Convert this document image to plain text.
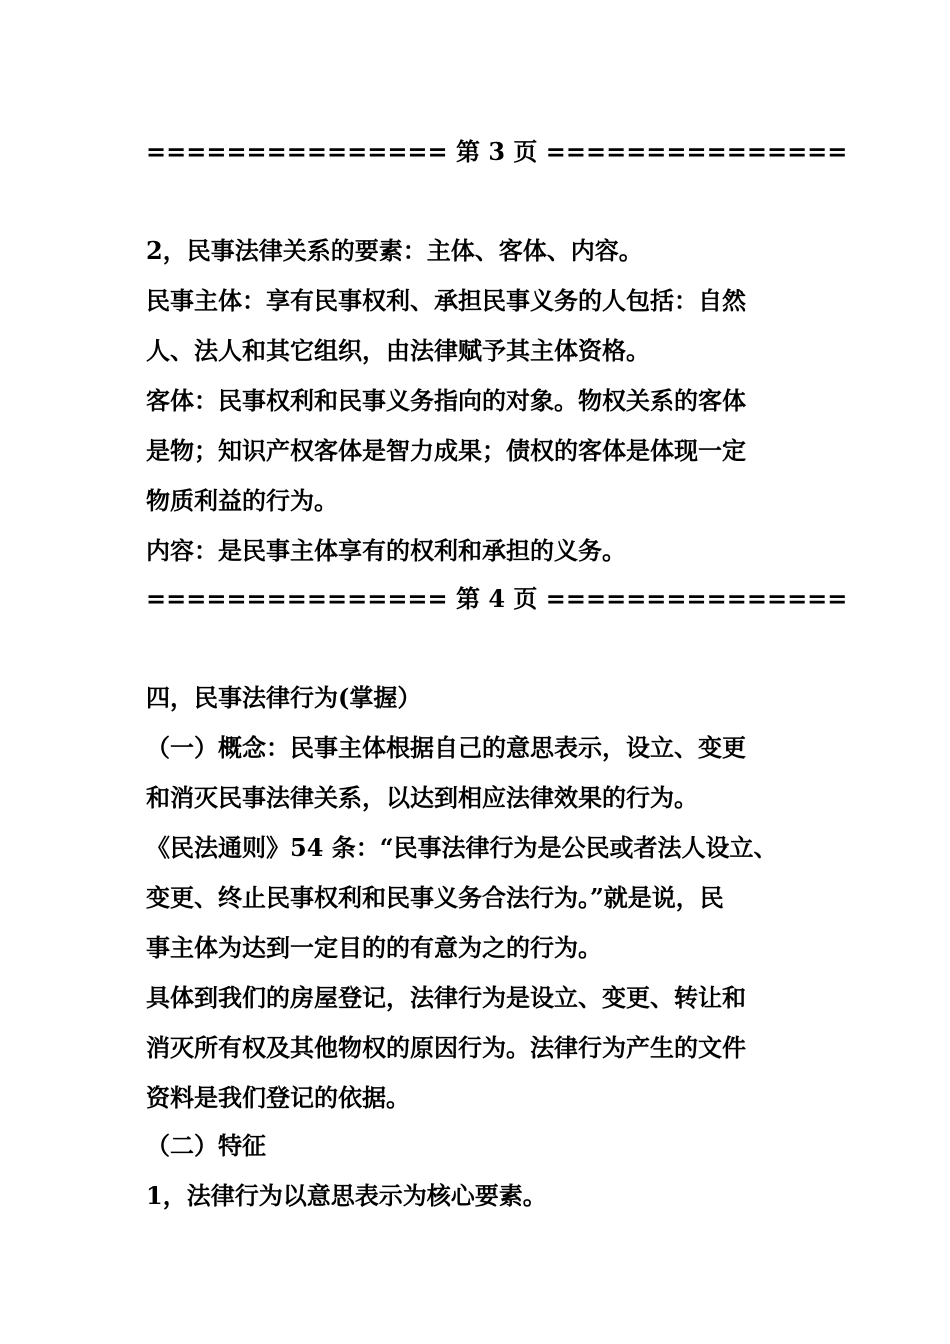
=============== 第 3 页 ===============
2，民事法律关系的要素：主体、客体、内容。
民事主体：享有民事权利、承担民事义务的人包括：自然
人、法人和其它组织，由法律赋予其主体资格。
客体：民事权利和民事义务指向的对象。物权关系的客体
是物；知识产权客体是智力成果；债权的客体是体现一定
物质利益的行为。
内容：是民事主体享有的权利和承担的义务。
=============== 第 4 页 ===============
四，民事法律行为(掌握）
（一）概念：民事主体根据自己的意思表示，设立、变更
和消灭民事法律关系，以达到相应法律效果的行为。
《民法通则》54 条：“民事法律行为是公民或者法人设立、
变更、终止民事权利和民事义务合法行为。”就是说，民
事主体为达到一定目的的有意为之的行为。
具体到我们的房屋登记，法律行为是设立、变更、转让和
消灭所有权及其他物权的原因行为。法律行为产生的文件
资料是我们登记的依据。
（二）特征
1，法律行为以意思表示为核心要素。
